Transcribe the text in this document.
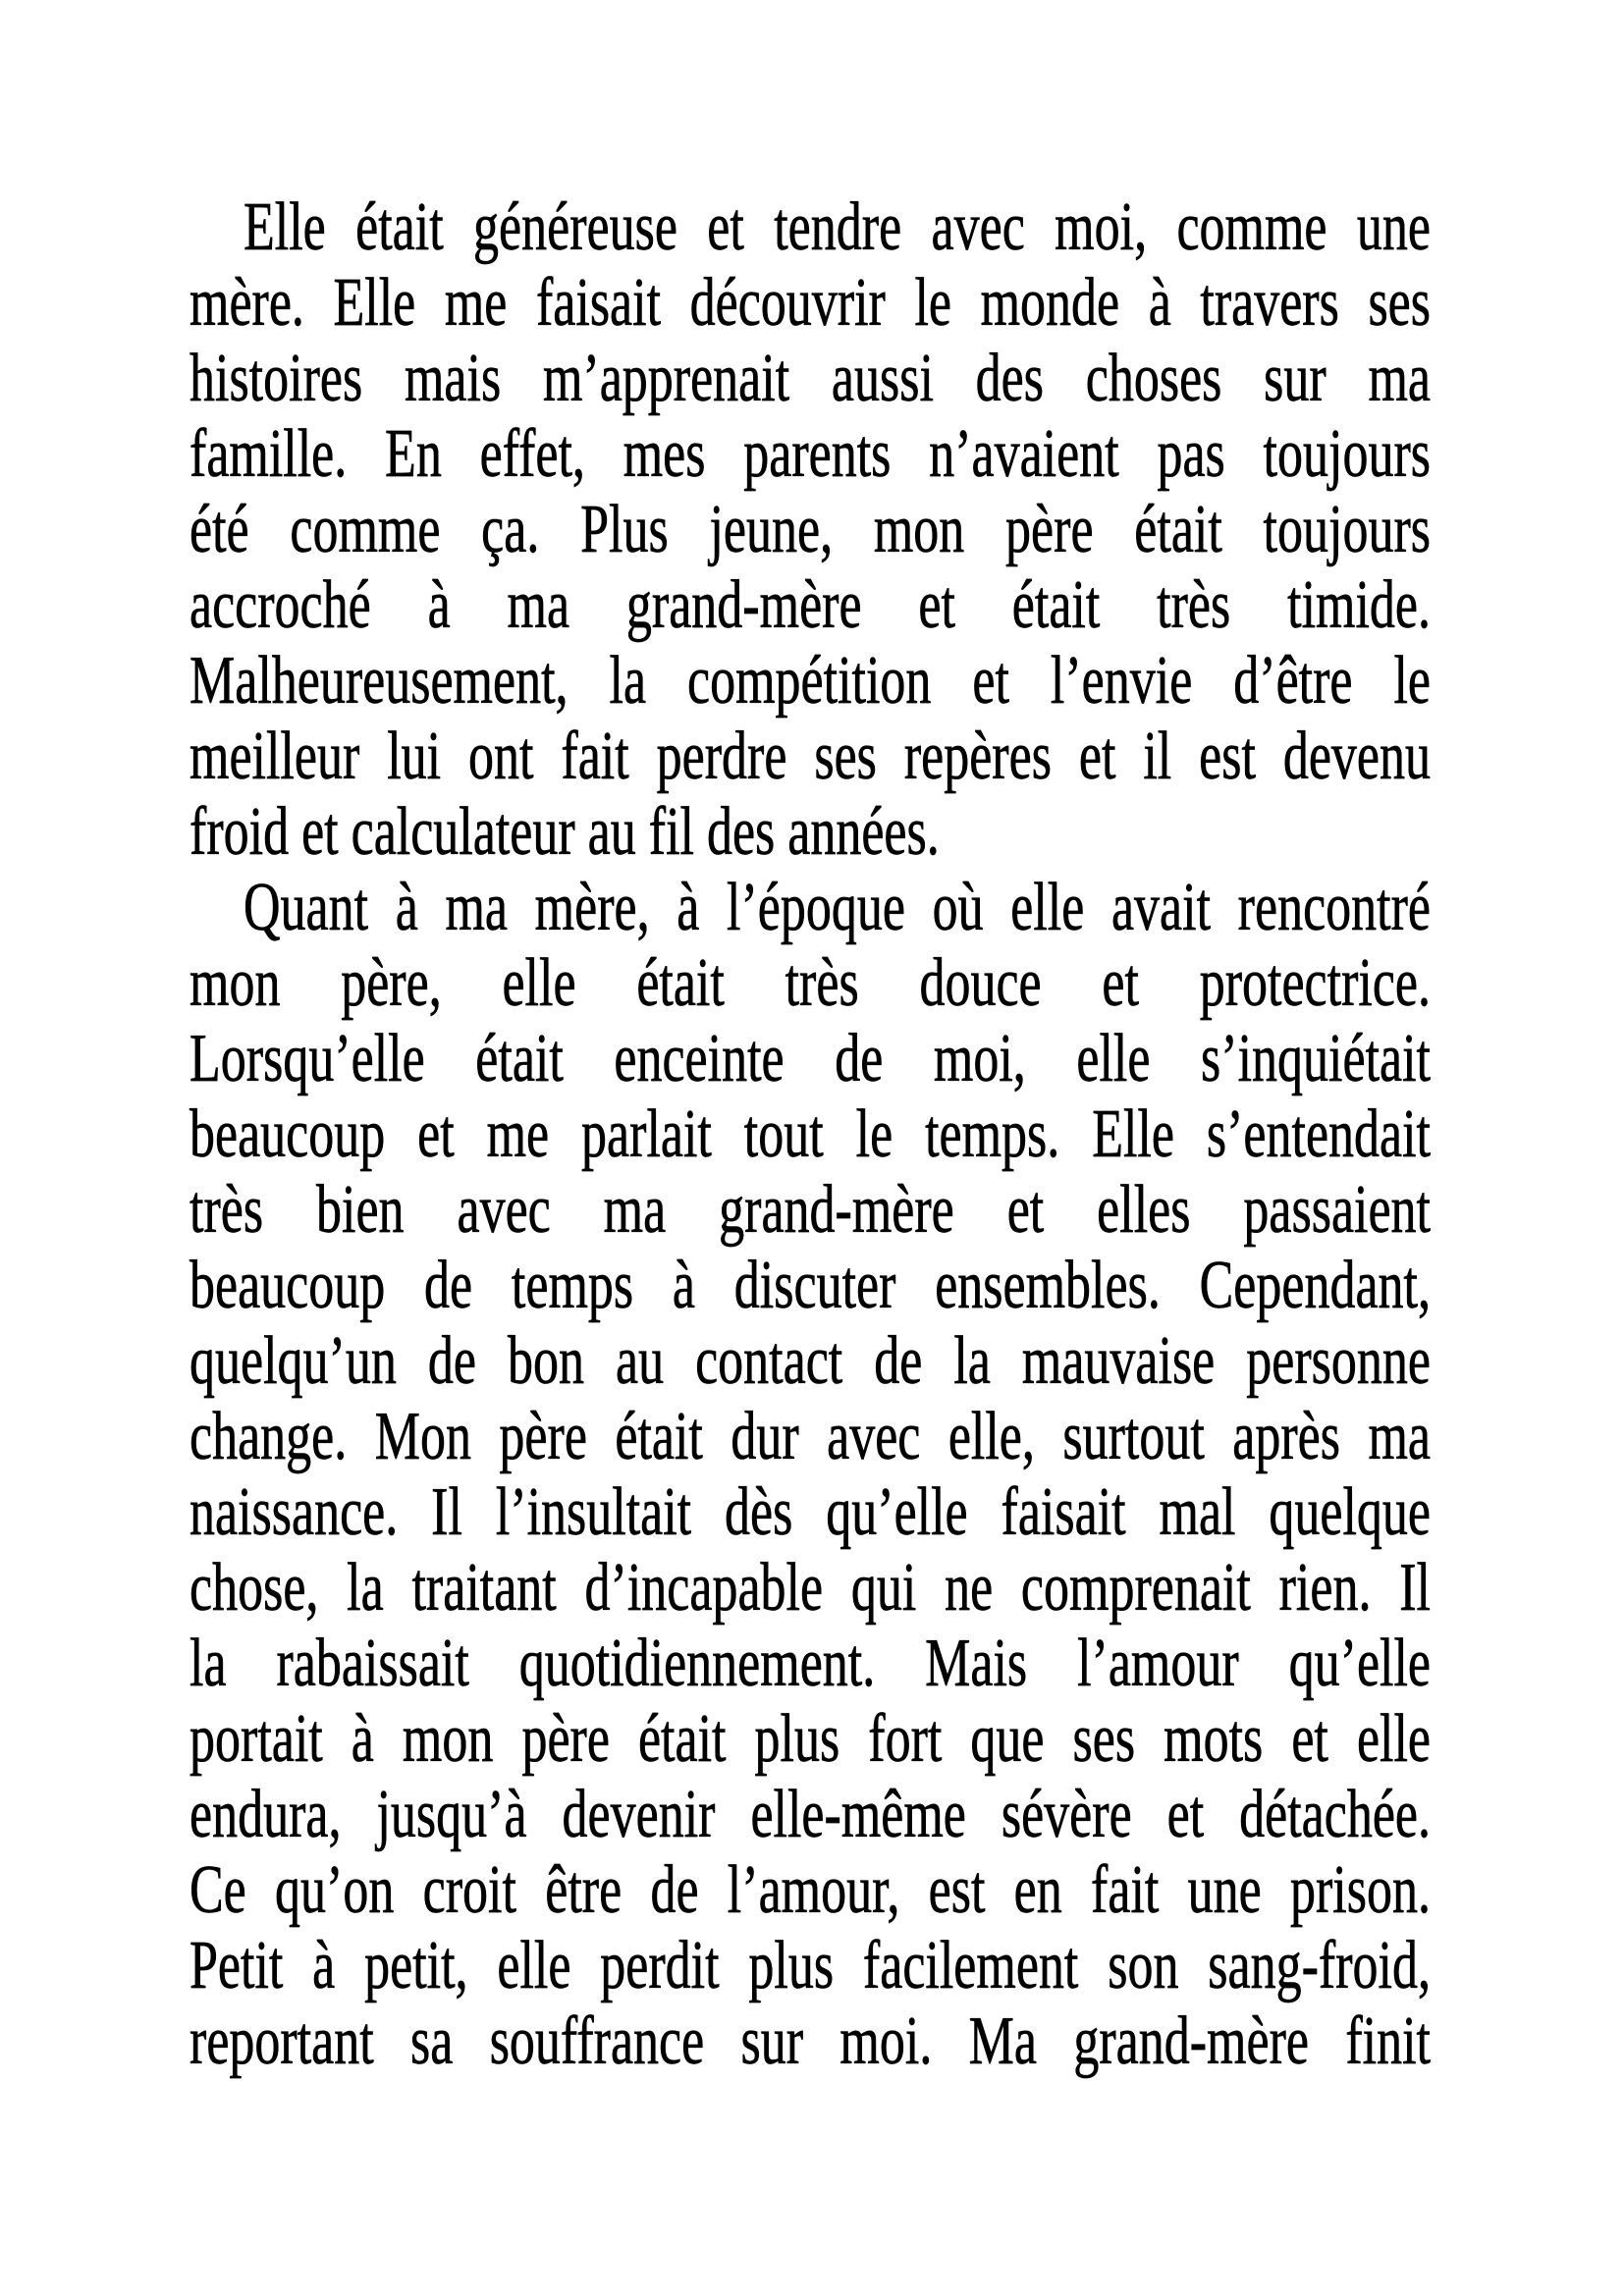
Elle était généreuse et tendre avec moi, comme une
mère. Elle me faisait découvrir le monde à travers ses
histoires mais m’apprenait aussi des choses sur ma
famille. En effet, mes parents n’avaient pas toujours
été comme ça. Plus jeune, mon père était toujours
accroché à ma grand-mère et était très timide.
Malheureusement, la compétition et l’envie d’être le
meilleur lui ont fait perdre ses repères et il est devenu
froid et calculateur au fil des années.
Quant à ma mère, à l’époque où elle avait rencontré
mon père, elle était très douce et protectrice.
Lorsqu’elle était enceinte de moi, elle s’inquiétait
beaucoup et me parlait tout le temps. Elle s’entendait
très bien avec ma grand-mère et elles passaient
beaucoup de temps à discuter ensembles. Cependant,
quelqu’un de bon au contact de la mauvaise personne
change. Mon père était dur avec elle, surtout après ma
naissance. Il l’insultait dès qu’elle faisait mal quelque
chose, la traitant d’incapable qui ne comprenait rien. Il
la rabaissait quotidiennement. Mais l’amour qu’elle
portait à mon père était plus fort que ses mots et elle
endura, jusqu’à devenir elle-même sévère et détachée.
Ce qu’on croit être de l’amour, est en fait une prison.
Petit à petit, elle perdit plus facilement son sang-froid,
reportant sa souffrance sur moi. Ma grand-mère finit
